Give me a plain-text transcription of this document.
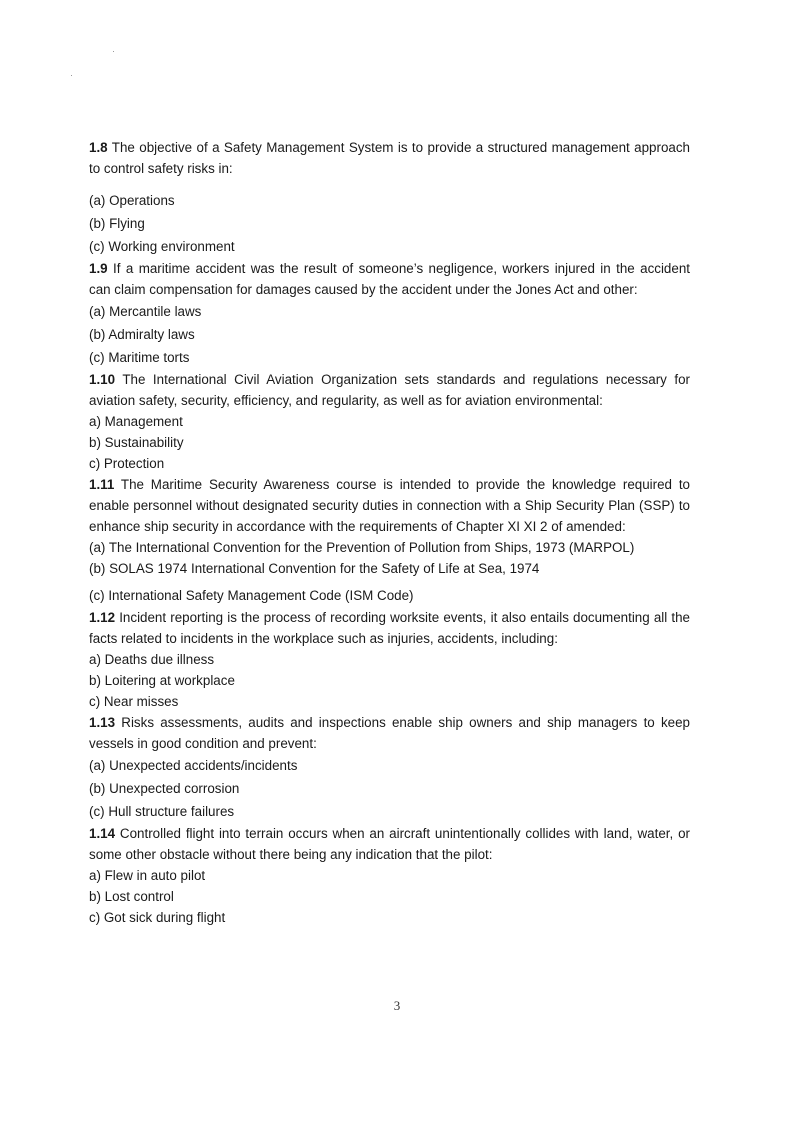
1.8 The objective of a Safety Management System is to provide a structured management approach to control safety risks in:

(a) Operations

(b) Flying

(c) Working environment

1.9 If a maritime accident was the result of someone’s negligence, workers injured in the accident can claim compensation for damages caused by the accident under the Jones Act and other:

(a) Mercantile laws

(b) Admiralty laws

(c) Maritime torts

1.10 The International Civil Aviation Organization sets standards and regulations necessary for aviation safety, security, efficiency, and regularity, as well as for aviation environmental:

a) Management

b) Sustainability

c) Protection

1.11 The Maritime Security Awareness course is intended to provide the knowledge required to enable personnel without designated security duties in connection with a Ship Security Plan (SSP) to enhance ship security in accordance with the requirements of Chapter XI XI 2 of amended:

(a) The International Convention for the Prevention of Pollution from Ships, 1973 (MARPOL)

(b) SOLAS 1974 International Convention for the Safety of Life at Sea, 1974

(c) International Safety Management Code (ISM Code)

1.12 Incident reporting is the process of recording worksite events, it also entails documenting all the facts related to incidents in the workplace such as injuries, accidents, including:

a) Deaths due illness

b) Loitering at workplace

c) Near misses

1.13 Risks assessments, audits and inspections enable ship owners and ship managers to keep vessels in good condition and prevent:

(a) Unexpected accidents/incidents

(b) Unexpected corrosion

(c) Hull structure failures

1.14 Controlled flight into terrain occurs when an aircraft unintentionally collides with land, water, or some other obstacle without there being any indication that the pilot:

a) Flew in auto pilot

b) Lost control

c) Got sick during flight

3
